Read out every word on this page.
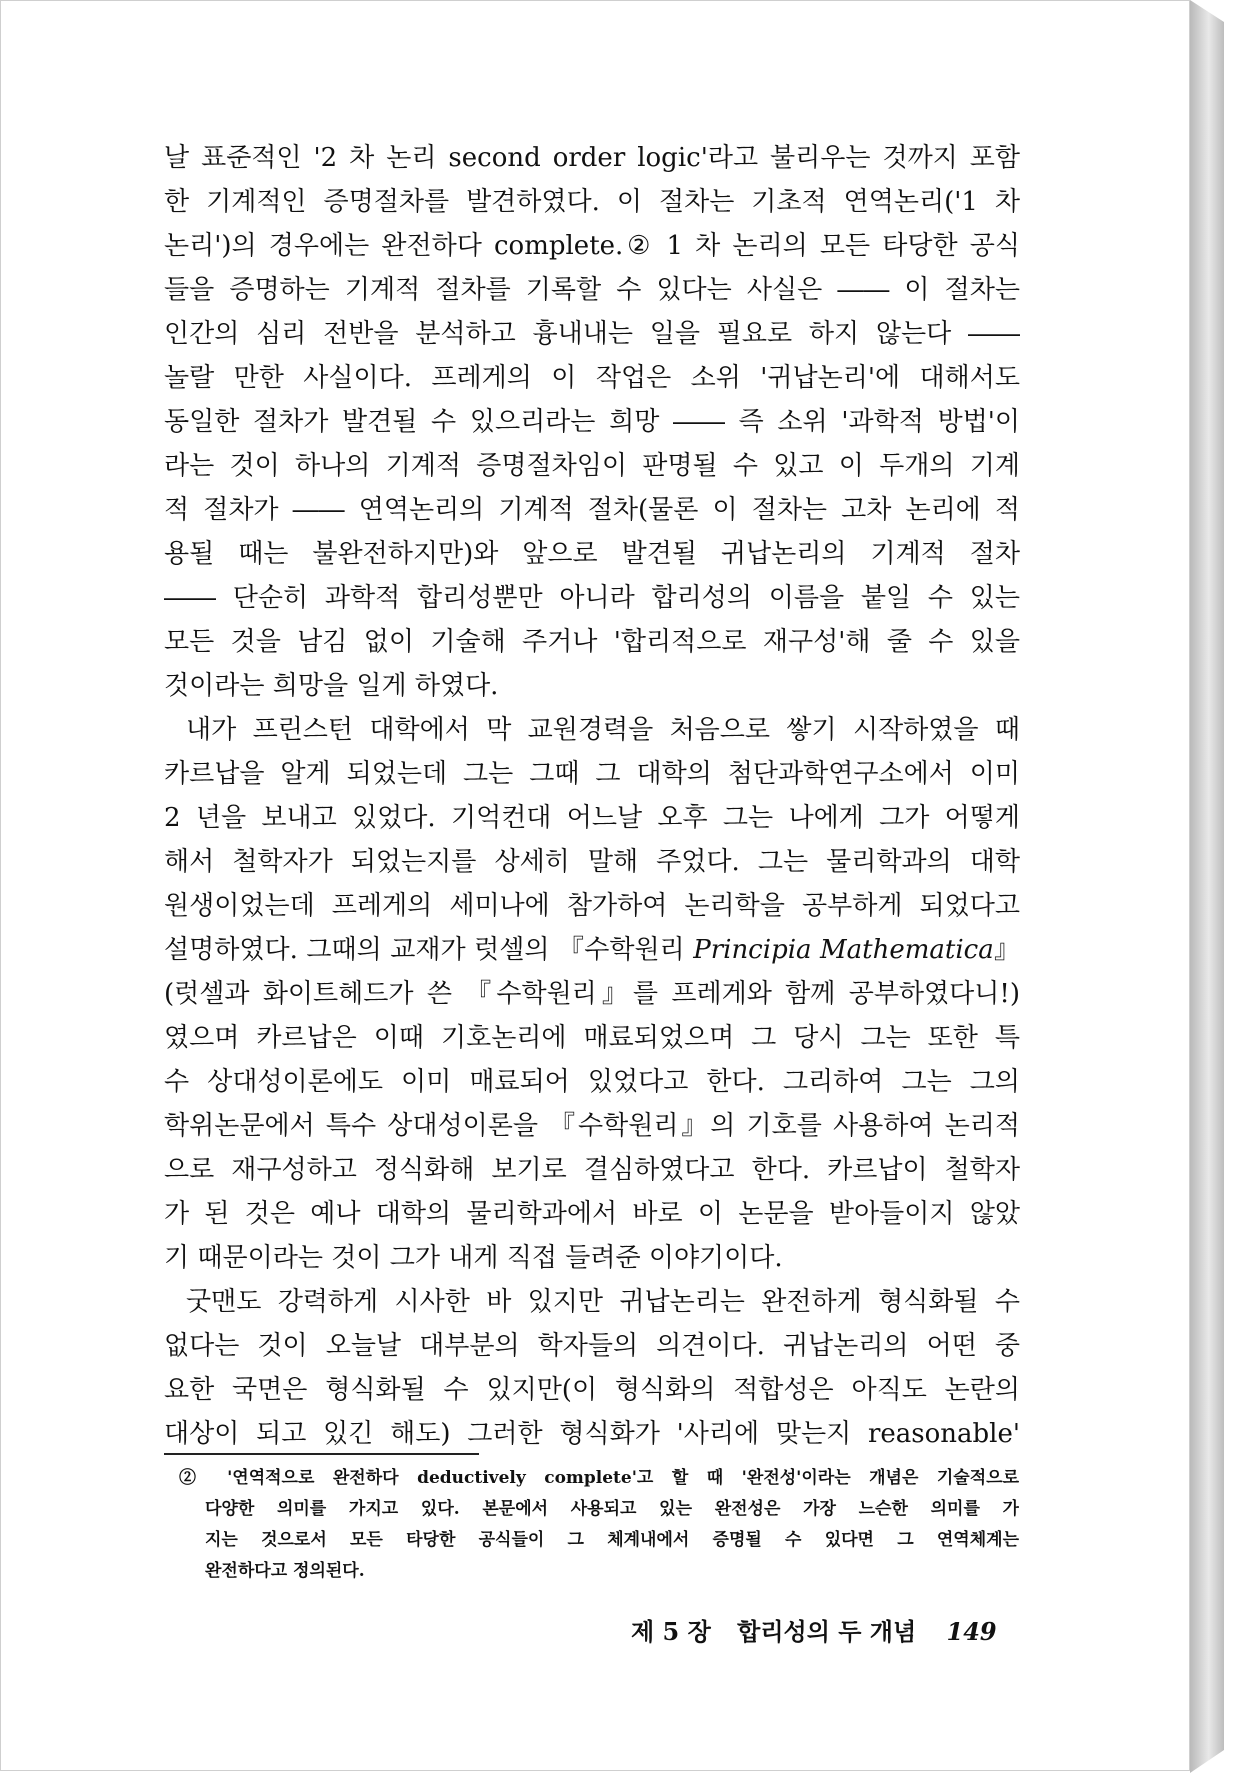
날 표준적인 '2 차 논리 second order logic'라고 불리우는 것까지 포함
한 기계적인 증명절차를 발견하였다. 이 절차는 기초적 연역논리('1 차
논리')의 경우에는 완전하다 complete.② 1 차 논리의 모든 타당한 공식
들을 증명하는 기계적 절차를 기록할 수 있다는 사실은 ―― 이 절차는
인간의 심리 전반을 분석하고 흉내내는 일을 필요로 하지 않는다 ――
놀랄 만한 사실이다. 프레게의 이 작업은 소위 '귀납논리'에 대해서도
동일한 절차가 발견될 수 있으리라는 희망 ―― 즉 소위 '과학적 방법'이
라는 것이 하나의 기계적 증명절차임이 판명될 수 있고 이 두개의 기계
적 절차가 ―― 연역논리의 기계적 절차(물론 이 절차는 고차 논리에 적
용될 때는 불완전하지만)와 앞으로 발견될 귀납논리의 기계적 절차
―― 단순히 과학적 합리성뿐만 아니라 합리성의 이름을 붙일 수 있는
모든 것을 남김 없이 기술해 주거나 '합리적으로 재구성'해 줄 수 있을
것이라는 희망을 일게 하였다.
내가 프린스턴 대학에서 막 교원경력을 처음으로 쌓기 시작하였을 때
카르납을 알게 되었는데 그는 그때 그 대학의 첨단과학연구소에서 이미
2 년을 보내고 있었다. 기억컨대 어느날 오후 그는 나에게 그가 어떻게
해서 철학자가 되었는지를 상세히 말해 주었다. 그는 물리학과의 대학
원생이었는데 프레게의 세미나에 참가하여 논리학을 공부하게 되었다고
설명하였다. 그때의 교재가 럿셀의 『수학원리 Principia Mathematica』
(럿셀과 화이트헤드가 쓴 『수학원리』를 프레게와 함께 공부하였다니!)
였으며 카르납은 이때 기호논리에 매료되었으며 그 당시 그는 또한 특
수 상대성이론에도 이미 매료되어 있었다고 한다. 그리하여 그는 그의
학위논문에서 특수 상대성이론을 『수학원리』의 기호를 사용하여 논리적
으로 재구성하고 정식화해 보기로 결심하였다고 한다. 카르납이 철학자
가 된 것은 예나 대학의 물리학과에서 바로 이 논문을 받아들이지 않았
기 때문이라는 것이 그가 내게 직접 들려준 이야기이다.
굿맨도 강력하게 시사한 바 있지만 귀납논리는 완전하게 형식화될 수
없다는 것이 오늘날 대부분의 학자들의 의견이다. 귀납논리의 어떤 중
요한 국면은 형식화될 수 있지만(이 형식화의 적합성은 아직도 논란의
대상이 되고 있긴 해도) 그러한 형식화가 '사리에 맞는지 reasonable'
② '연역적으로 완전하다 deductively complete'고 할 때 '완전성'이라는 개념은 기술적으로
다양한 의미를 가지고 있다. 본문에서 사용되고 있는 완전성은 가장 느슨한 의미를 가
지는 것으로서 모든 타당한 공식들이 그 체계내에서 증명될 수 있다면 그 연역체계는
완전하다고 정의된다.
제 5 장 합리성의 두 개념 149
